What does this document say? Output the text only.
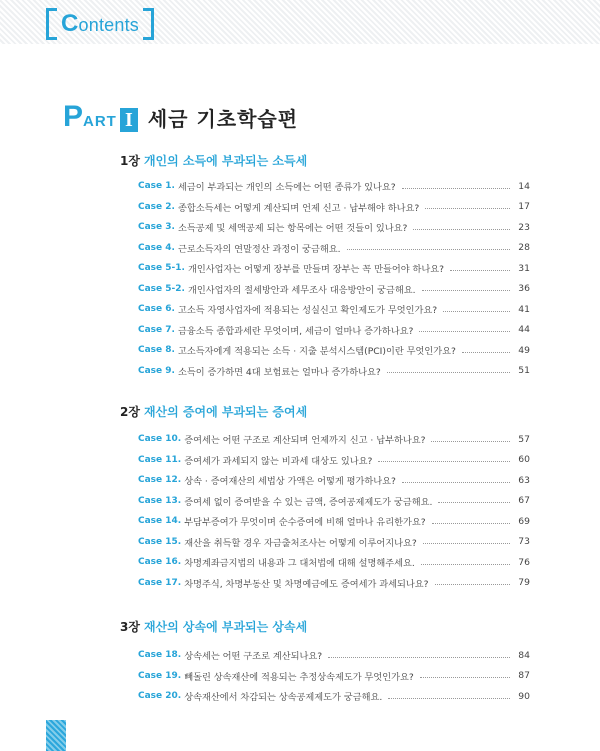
Contents
PART I 세금 기초학습편
1장 개인의 소득에 부과되는 소득세
Case 1. 세금이 부과되는 개인의 소득에는 어떤 종류가 있나요?	14
Case 2. 종합소득세는 어떻게 계산되며 언제 신고 · 납부해야 하나요?	17
Case 3. 소득공제 및 세액공제 되는 항목에는 어떤 것들이 있나요?	23
Case 4. 근로소득자의 연말정산 과정이 궁금해요.	28
Case 5-1. 개인사업자는 어떻게 장부를 만들며 장부는 꼭 만들어야 하나요?	31
Case 5-2. 개인사업자의 절세방안과 세무조사 대응방안이 궁금해요.	36
Case 6. 고소득 자영사업자에 적용되는 성실신고 확인제도가 무엇인가요?	41
Case 7. 금융소득 종합과세란 무엇이며, 세금이 얼마나 증가하나요?	44
Case 8. 고소득자에게 적용되는 소득 · 지출 분석시스템(PCI)이란 무엇인가요?	49
Case 9. 소득이 증가하면 4대 보험료는 얼마나 증가하나요?	51
2장 재산의 증여에 부과되는 증여세
Case 10. 증여세는 어떤 구조로 계산되며 언제까지 신고 · 납부하나요?	57
Case 11. 증여세가 과세되지 않는 비과세 대상도 있나요?	60
Case 12. 상속 · 증여재산의 세법상 가액은 어떻게 평가하나요?	63
Case 13. 증여세 없이 증여받을 수 있는 금액, 증여공제제도가 궁금해요.	67
Case 14. 부담부증여가 무엇이며 순수증여에 비해 얼마나 유리한가요?	69
Case 15. 재산을 취득할 경우 자금출처조사는 어떻게 이루어지나요?	73
Case 16. 차명계좌금지법의 내용과 그 대처법에 대해 설명해주세요.	76
Case 17. 차명주식, 차명부동산 및 차명예금에도 증여세가 과세되나요?	79
3장 재산의 상속에 부과되는 상속세
Case 18. 상속세는 어떤 구조로 계산되나요?	84
Case 19. 빼돌린 상속재산에 적용되는 추정상속제도가 무엇인가요?	87
Case 20. 상속재산에서 차감되는 상속공제제도가 궁금해요.	90
